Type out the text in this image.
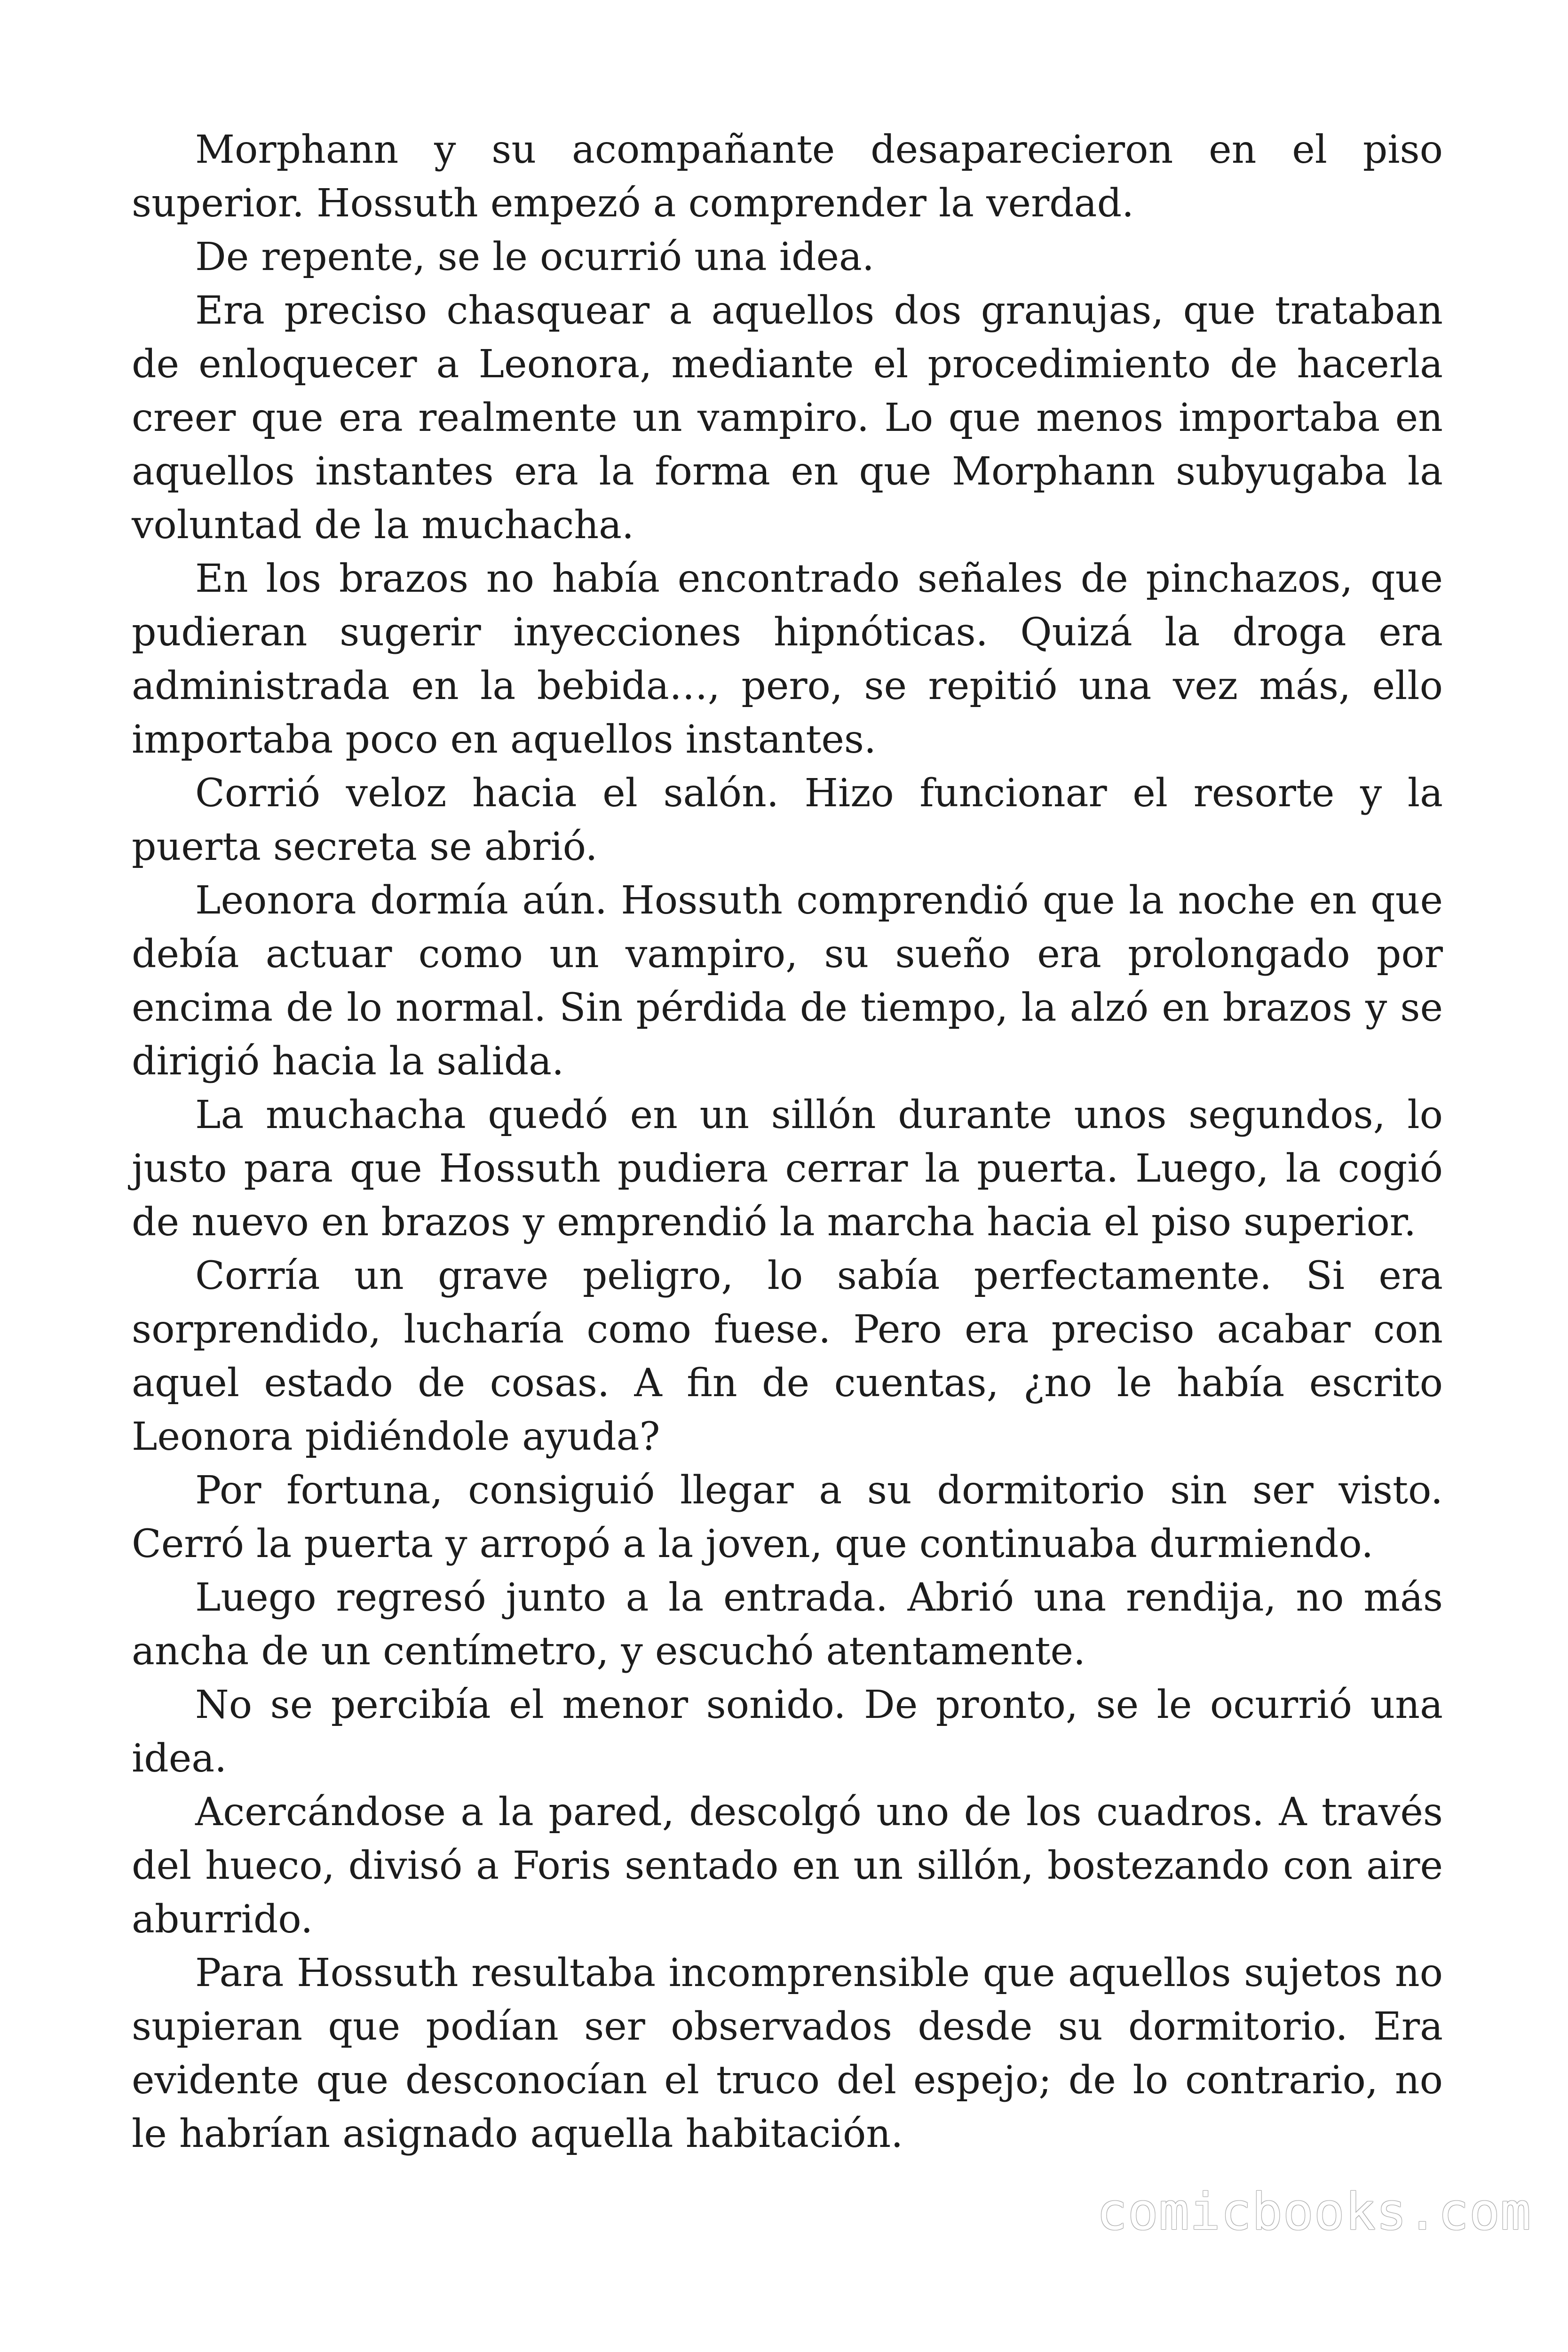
Morphann y su acompañante desaparecieron en el piso superior. Hossuth empezó a comprender la verdad.

De repente, se le ocurrió una idea.

Era preciso chasquear a aquellos dos granujas, que trataban de enloquecer a Leonora, mediante el procedimiento de hacerla creer que era realmente un vampiro. Lo que menos importaba en aquellos instantes era la forma en que Morphann subyugaba la voluntad de la muchacha.

En los brazos no había encontrado señales de pinchazos, que pudieran sugerir inyecciones hipnóticas. Quizá la droga era administrada en la bebida…, pero, se repitió una vez más, ello importaba poco en aquellos instantes.

Corrió veloz hacia el salón. Hizo funcionar el resorte y la puerta secreta se abrió.

Leonora dormía aún. Hossuth comprendió que la noche en que debía actuar como un vampiro, su sueño era prolongado por encima de lo normal. Sin pérdida de tiempo, la alzó en brazos y se dirigió hacia la salida.

La muchacha quedó en un sillón durante unos segundos, lo justo para que Hossuth pudiera cerrar la puerta. Luego, la cogió de nuevo en brazos y emprendió la marcha hacia el piso superior.

Corría un grave peligro, lo sabía perfectamente. Si era sorprendido, lucharía como fuese. Pero era preciso acabar con aquel estado de cosas. A fin de cuentas, ¿no le había escrito Leonora pidiéndole ayuda?

Por fortuna, consiguió llegar a su dormitorio sin ser visto. Cerró la puerta y arropó a la joven, que continuaba durmiendo.

Luego regresó junto a la entrada. Abrió una rendija, no más ancha de un centímetro, y escuchó atentamente.

No se percibía el menor sonido. De pronto, se le ocurrió una idea.

Acercándose a la pared, descolgó uno de los cuadros. A través del hueco, divisó a Foris sentado en un sillón, bostezando con aire aburrido.

Para Hossuth resultaba incomprensible que aquellos sujetos no supieran que podían ser observados desde su dormitorio. Era evidente que desconocían el truco del espejo; de lo contrario, no le habrían asignado aquella habitación.

comicbooks.com
